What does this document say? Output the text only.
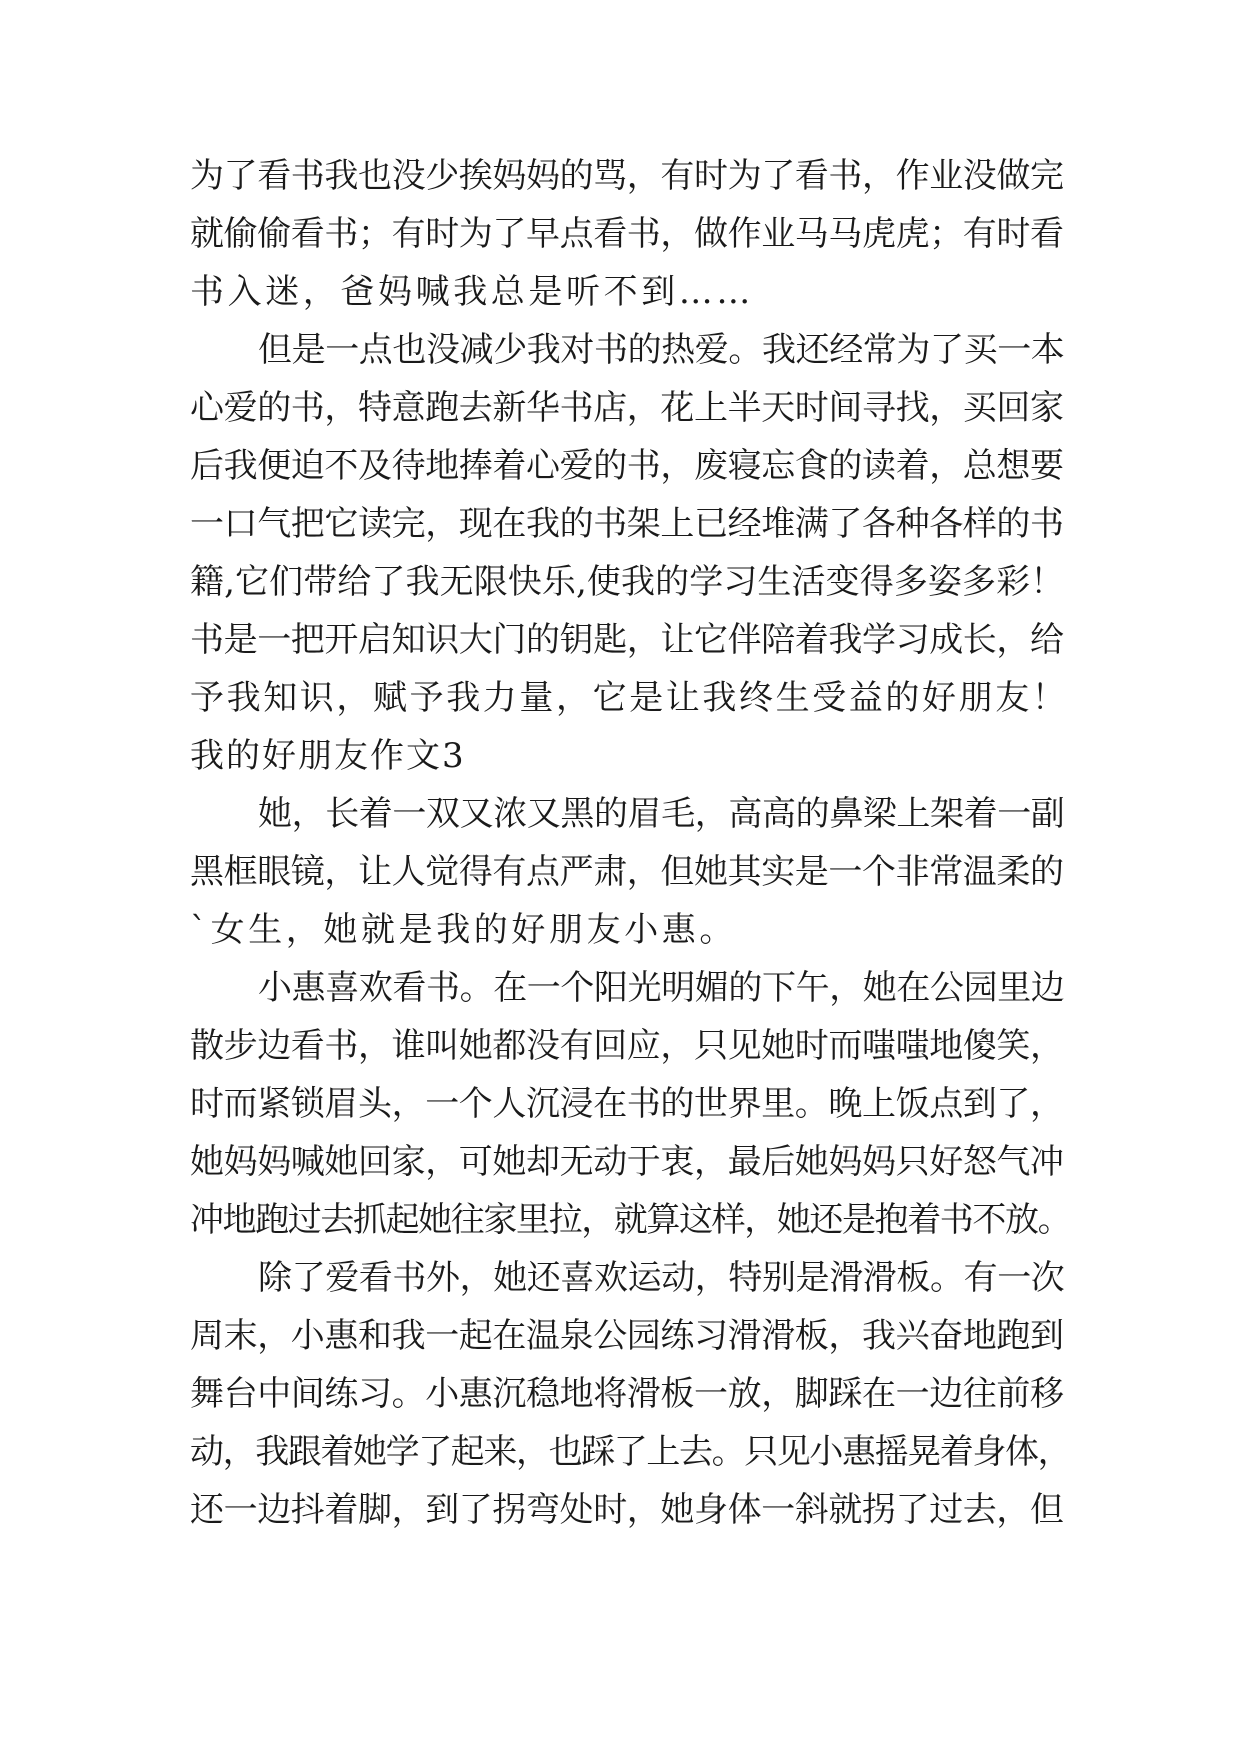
为了看书我也没少挨妈妈的骂，有时为了看书，作业没做完

就偷偷看书；有时为了早点看书，做作业马马虎虎；有时看

书入迷，爸妈喊我总是听不到……

但是一点也没减少我对书的热爱。我还经常为了买一本

心爱的书，特意跑去新华书店，花上半天时间寻找，买回家

后我便迫不及待地捧着心爱的书，废寝忘食的读着，总想要

一口气把它读完，现在我的书架上已经堆满了各种各样的书

籍,它们带给了我无限快乐,使我的学习生活变得多姿多彩！

书是一把开启知识大门的钥匙，让它伴陪着我学习成长，给

予我知识，赋予我力量，它是让我终生受益的好朋友！

我的好朋友作文3

她，长着一双又浓又黑的眉毛，高高的鼻梁上架着一副

黑框眼镜，让人觉得有点严肃，但她其实是一个非常温柔的

`女生，她就是我的好朋友小惠。

小惠喜欢看书。在一个阳光明媚的下午，她在公园里边

散步边看书，谁叫她都没有回应，只见她时而嗤嗤地傻笑，

时而紧锁眉头，一个人沉浸在书的世界里。晚上饭点到了，

她妈妈喊她回家，可她却无动于衷，最后她妈妈只好怒气冲

冲地跑过去抓起她往家里拉，就算这样，她还是抱着书不放。

除了爱看书外，她还喜欢运动，特别是滑滑板。有一次

周末，小惠和我一起在温泉公园练习滑滑板，我兴奋地跑到

舞台中间练习。小惠沉稳地将滑板一放，脚踩在一边往前移

动，我跟着她学了起来，也踩了上去。只见小惠摇晃着身体，

还一边抖着脚，到了拐弯处时，她身体一斜就拐了过去，但
